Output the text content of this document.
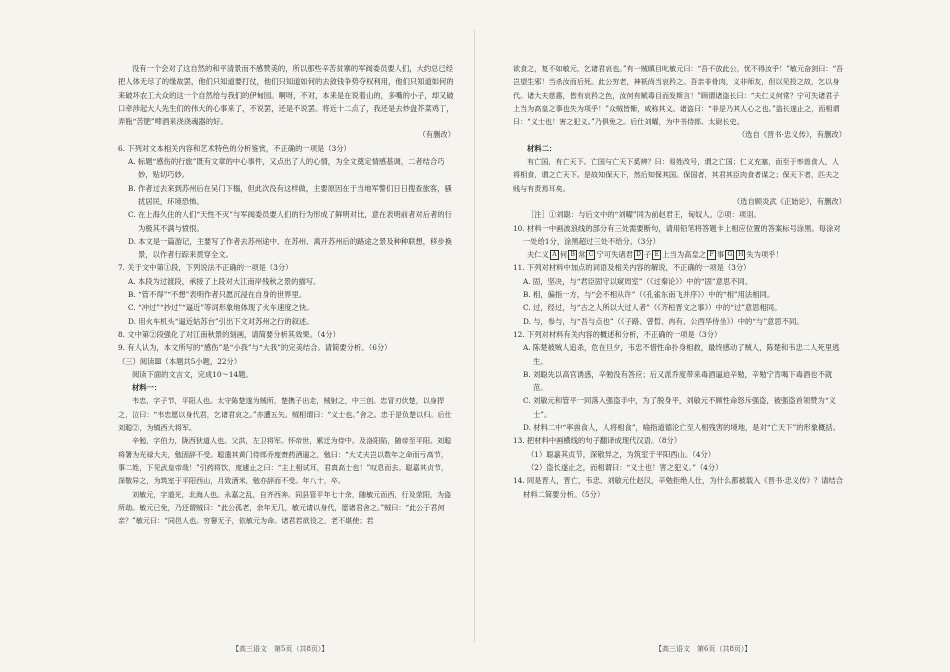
没有一个会对了这自然的和平清景而不感赞美的，所以那些辛苦贫寨的军阀委员要人们，大约总已经把人体无尽了的缘故罢，他们只知道要打仗，他们只知道如何的去敛钱争势夺权利用，他们只知道如何的来破坏农工大众的这一个自然给与我们的伊甸园。啊呀，不对，本来是在说着山的，多嘴的小子，却又破口牵涉起大人先生们的伟大的心事来了，不说罢，还是不说罢。将近十二点了，我还是去炒盘芥菜鸡丁，弄瓶“苦肥”啤酒来浇浇魂器的好。

（有删改）

6. 下列对文本相关内容和艺术特色的分析鉴赏，不正确的一项是（3分）

A. 标题“感伤的行旅”既有文章的中心事件，又点出了人的心情，为全文奠定情感基调，二者结合巧妙，贴切巧妙。

B. 作者过去来到苏州后在吴门下榻，但此次没有这样做，主要原因在于当地军警们日日搜查旅客，骚扰居民，环境恐怖。

C. 在上海久住的人们“天性不灭”与军阀委员要人们的行为形成了鲜明对比，意在表明前者对后者的行为极其不满与愤恨。

D. 本文是一篇游记，主要写了作者去苏州途中、在苏州、离开苏州后的路途之景及种种联想，移步换景，以作者行踪来贯穿全文。

7. 关于文中第①段，下列说法不正确的一项是（3分）

A. 本段为过渡段，承接了上段对大江南岸残秋之景的描写。

B. “管不得”“不想”表明作者只愿沉浸在自身的世界里。

C. “冲过”“抄过”“逼近”等词形象地体现了火车速度之快。

D. 用火车机头“逼近姑苏台”引出下文对苏州之行的叙述。

8. 文中第②段强化了对江南秋景的刻画，请简要分析其效果。（4分）

9. 有人认为，本文所写的“感伤”是“小我”与“大我”的完美结合。请简要分析。（6分）

（三）阅读Ⅲ（本题共5小题，22分）

阅读下面的文言文，完成10～14题。

材料一：

韦忠，字子节，平阳人也。太守陈楚遂为贼所，楚携子出走，贼射之，中三创。忠冒刃伏楚，以身捍之，泣曰：“韦忠愿以身代君，乞诸君哀之。”亦遭五矢。贼相谓曰：“义士也。”舍之。忠于是负楚以归。后仕刘聪②，为镇西大将军。

辛勉，字伯力，陇西狄道人也。父洪，左卫将军。怀帝世，累迁为侍中。及洛阳陷，随帝至平阳。刘聪将署为光禄大夫，勉固辞不受。聪遣其黄门侍郎乔度赍药酒逼之，勉曰：“大丈夫岂以数年之命而亏高节，事二姓，下见武皇帝哉！”引药将饮，度遽止之曰：“主上相试耳，君真高士也！”叹息而去。聪嘉其贞节，深敬异之，为筑室于平阳西山，月致酒米，勉亦辞而不受。年八十，卒。

刘敏元，字道光，北海人也。永嘉之乱，自齐西奔。同县管平年七十余，随敏元而西，行及荥阳，为盗所劫。敏元已免，乃还谓贼曰：“此公孤老，余年无几，敏元请以身代，愿诸君舍之。”贼曰：“此公于君何亲？”敏元曰：“同邑人也。穷窭无子，依敏元为命。诸君若欲役之，老不堪使；若

【高三语文　第5页（共8页）】

欲食之，复不如敏元，乞诸君哀也。”有一贼瞋目叱敏元曰：“吾不放此公，忧不得汝乎！”敏元奋剑曰：“吾岂望生邪！当杀汝而后死。此公穷老，神祇尚当哀矜之。吾亲非骨肉，义非师友，但以见投之故，乞以身代。诸大夫慈惠，皆有哀矜之色，汝何有赋毒目而发斯言！”顾谓诸盗长曰：“夫仁义何常？宁可失诸君子上当为高皇之事也失为项乎！”众贼皆惭，咸称其义。诸盗曰：“非是乃其人心之也。”盗长遂止之，而相谓曰：“义士也！害之犯义。”乃俱免之。后仕刘曜，为中书侍郎、太尉长史。

（选自《晋书·忠义传》，有删改）

材料二：

有亡国，有亡天下。亡国与亡天下奚辨？曰：易姓改号，谓之亡国；仁义充塞，而至于率兽食人，人将相食，谓之亡天下。是故知保天下，然后知保其国。保国者，其君其臣肉食者谋之；保天下者，匹夫之贱与有责焉耳矣。

（选自顾炎武《正始论》，有删改）

［注］①刘聪：与后文中的“刘曜”同为前赵君王，匈奴人。②项：项羽。

10. 材料一中画波浪线的部分有三处需要断句，请用铅笔将答题卡上相应位置的答案标号涂黑。每涂对一处给1分，涂黑超过三处不给分。（3分）

夫仁义 A 何 B 常 C 宁可失诸君 D 子 E 上当为高皇之 F 事 G H 失为项乎！

11. 下列对材料中加点的词语及相关内容的解说，不正确的一项是（3分）

A. 固，坚决，与“君臣固守以窥周室”（《过秦论》）中的“固”意思不同。

B. 相，偏指一方，与“会不相从许”（《孔雀东南飞并序》）中的“相”用法相同。

C. 过，经过，与“古之人所以大过人者”（《齐桓晋文之事》）中的“过”意思相同。

D. 与，参与，与“吾与点也”（《子路、曾晳、冉有、公西华侍坐》）中的“与”意思不同。

12. 下列对材料有关内容的概述和分析，不正确的一项是（3分）

A. 陈楚被贼人追杀，危在旦夕，韦忠不惜性命扑身相救，最终感动了贼人，陈楚和韦忠二人死里逃生。

B. 刘聪先以高官诱惑，辛勉没有答应；后又派乔度带来毒酒逼迫辛勉，辛勉宁肯喝下毒酒也不就范。

C. 刘敏元和管平一同落入强盗手中，为了脱身平，刘敏元不顾性命怒斥强盗，被强盗首领赞为“义士”。

D. 材料二中“率兽食人，人将相食”，喻指道德沦亡至人相残害的境地，是对“亡天下”的形象概括。

13. 把材料中画横线的句子翻译成现代汉语。（8分）

（1）聪嘉其贞节，深敬异之，为筑室于平阳西山。（4分）

（2）盗长遂止之，而相谓曰：“义士也！害之犯义。”（4分）

14. 同是晋人，晋亡，韦忠、刘敏元仕赵汉，辛勉拒绝人仕，为什么都被载入《晋书·忠义传》？请结合材料二简要分析。（5分）

【高三语文　第6页（共8页）】
